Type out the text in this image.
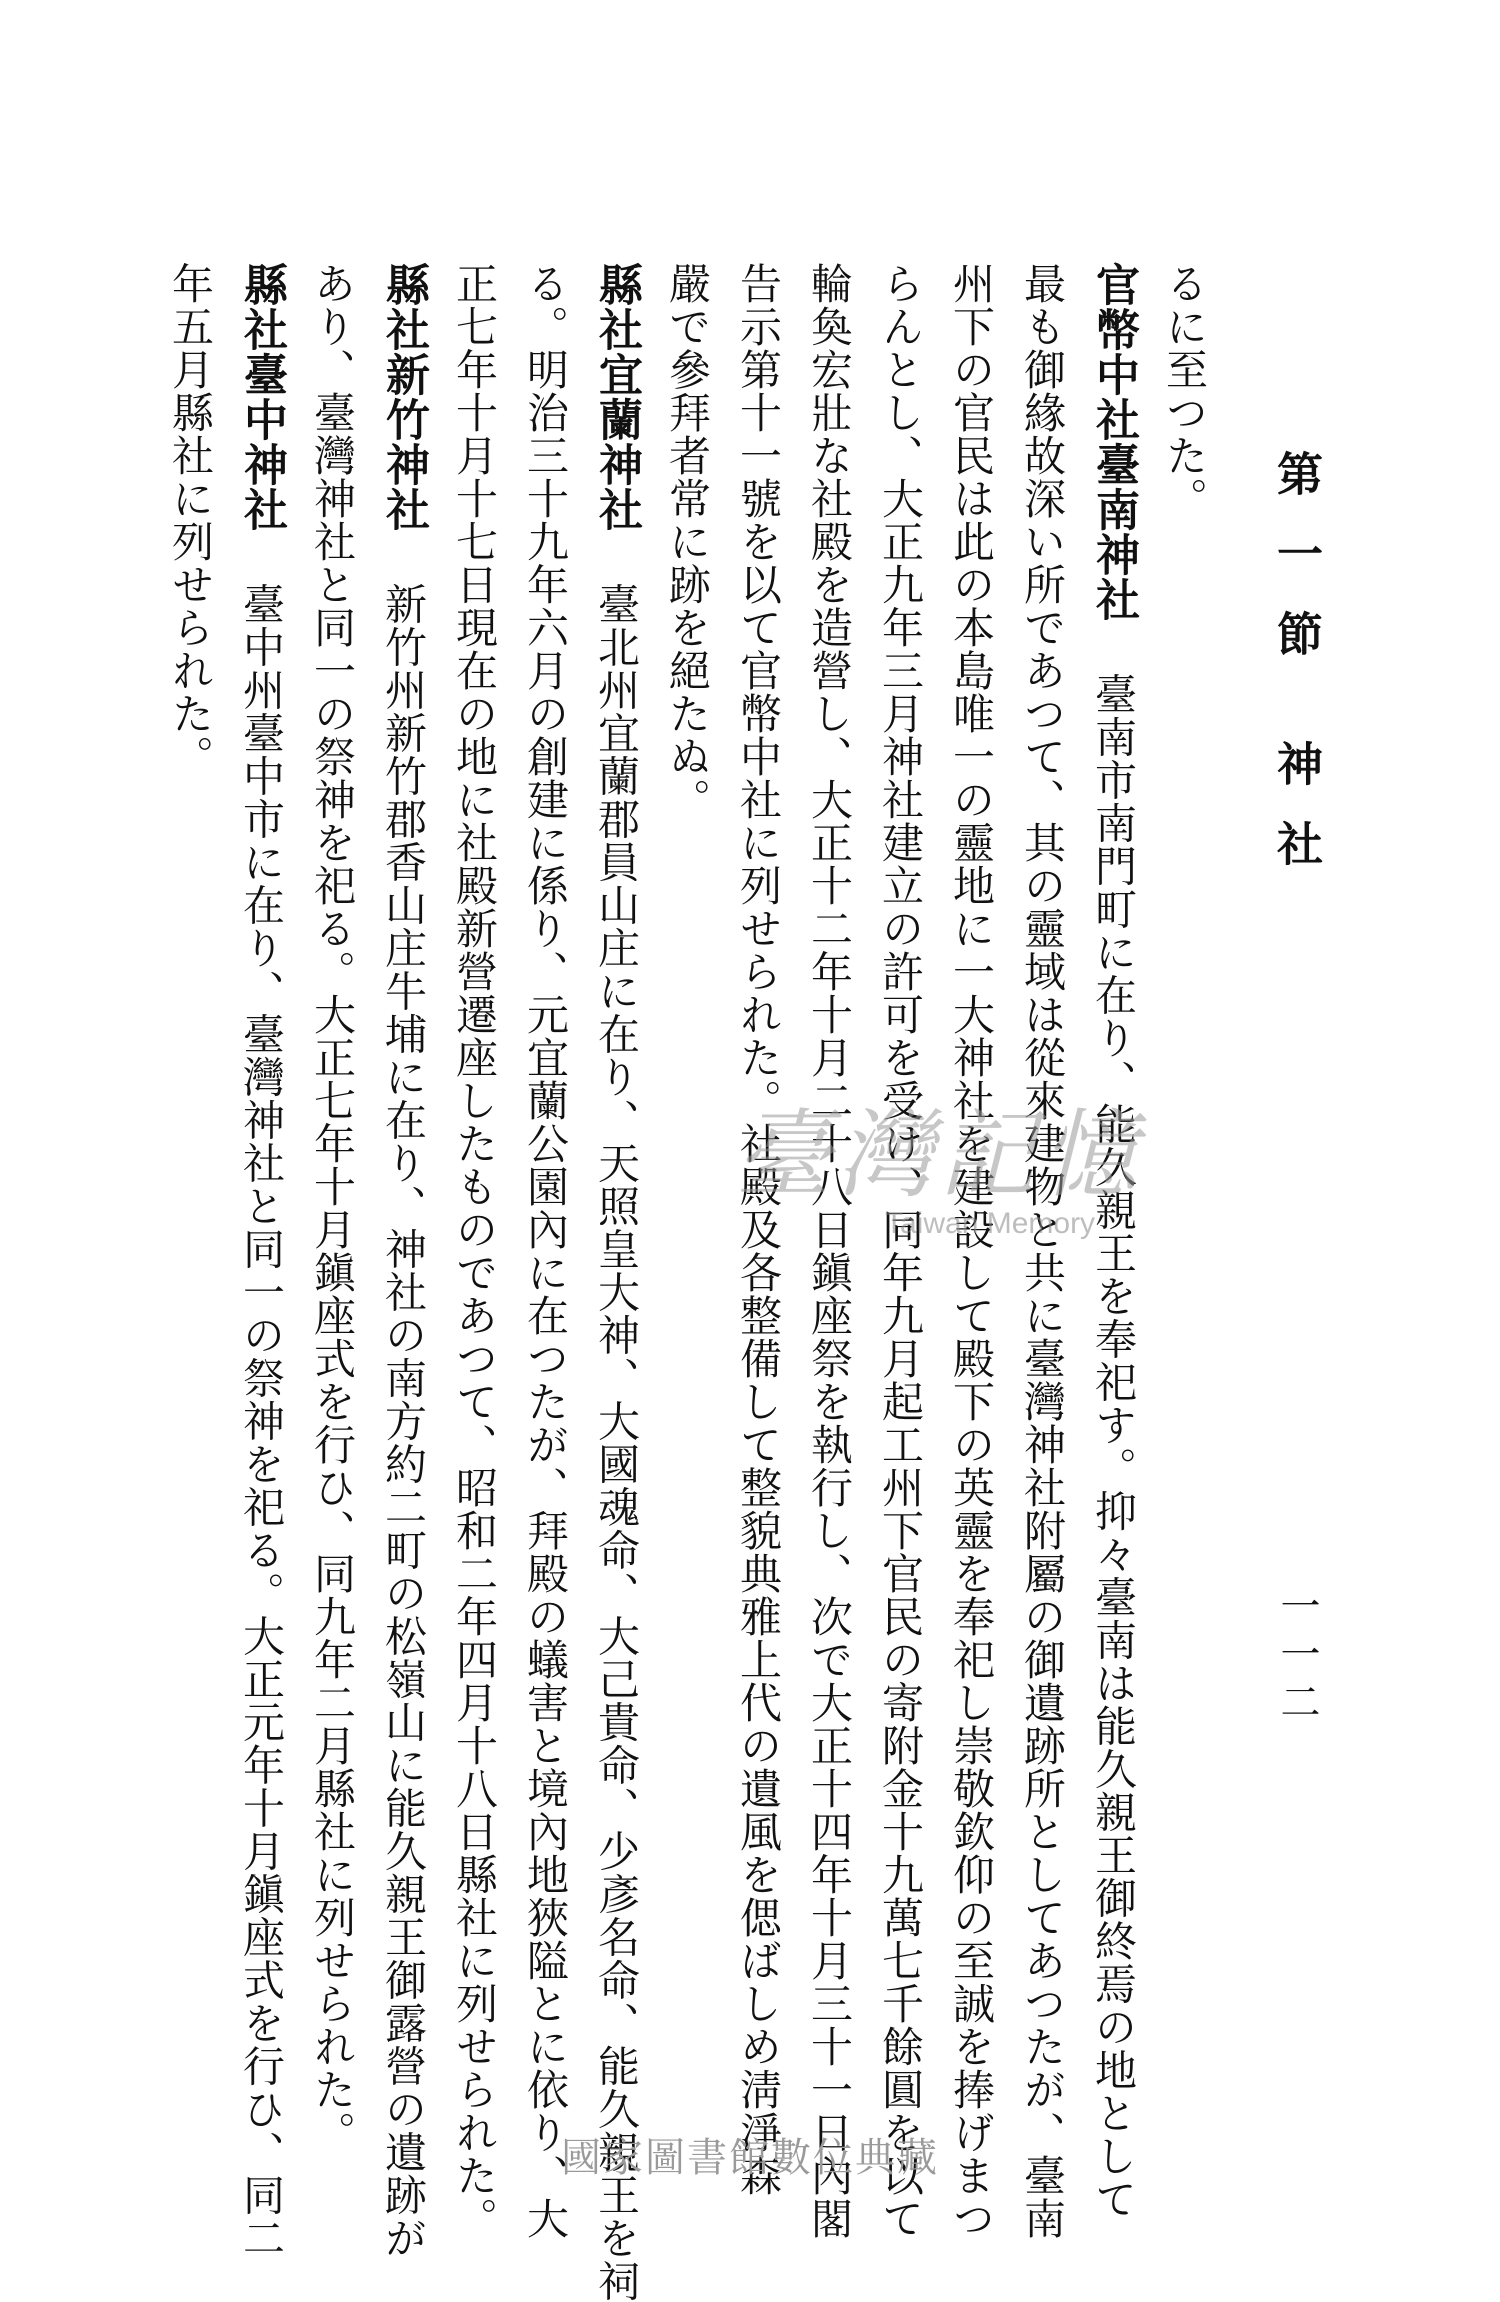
第一節 神社
一一二
るに至つた。
官幣中社臺南神社臺南市南門町に在り、能久親王を奉祀す。抑々臺南は能久親王御終焉の地として
最も御緣故深い所であつて、其の靈域は從來建物と共に臺灣神社附屬の御遺跡所としてあつたが、臺南
州下の官民は此の本島唯一の靈地に一大神社を建設して殿下の英靈を奉祀し崇敬欽仰の至誠を捧げまつ
らんとし、大正九年三月神社建立の許可を受け、同年九月起工州下官民の寄附金十九萬七千餘圓を以て
輪奐宏壯な社殿を造營し、大正十二年十月二十八日鎭座祭を執行し、次で大正十四年十月三十一日內閣
告示第十一號を以て官幣中社に列せられた。社殿及各整備して整貌典雅上代の遺風を偲ばしめ淸淨森
嚴で參拜者常に跡を絕たぬ。
縣社宜蘭神社臺北州宜蘭郡員山庄に在り、天照皇大神、大國魂命、大己貴命、少彥名命、能久親王を祠
る。明治三十九年六月の創建に係り、元宜蘭公園內に在つたが、拜殿の蟻害と境內地狹隘とに依り、大
正七年十月十七日現在の地に社殿新營遷座したものであつて、昭和二年四月十八日縣社に列せられた。
縣社新竹神社新竹州新竹郡香山庄牛埔に在り、神社の南方約二町の松嶺山に能久親王御露營の遺跡が
あり、臺灣神社と同一の祭神を祀る。大正七年十月鎭座式を行ひ、同九年二月縣社に列せられた。
縣社臺中神社臺中州臺中市に在り、臺灣神社と同一の祭神を祀る。大正元年十月鎭座式を行ひ、同二
年五月縣社に列せられた。
臺灣記憶
Taiwan Memory
國家圖書館數位典藏
